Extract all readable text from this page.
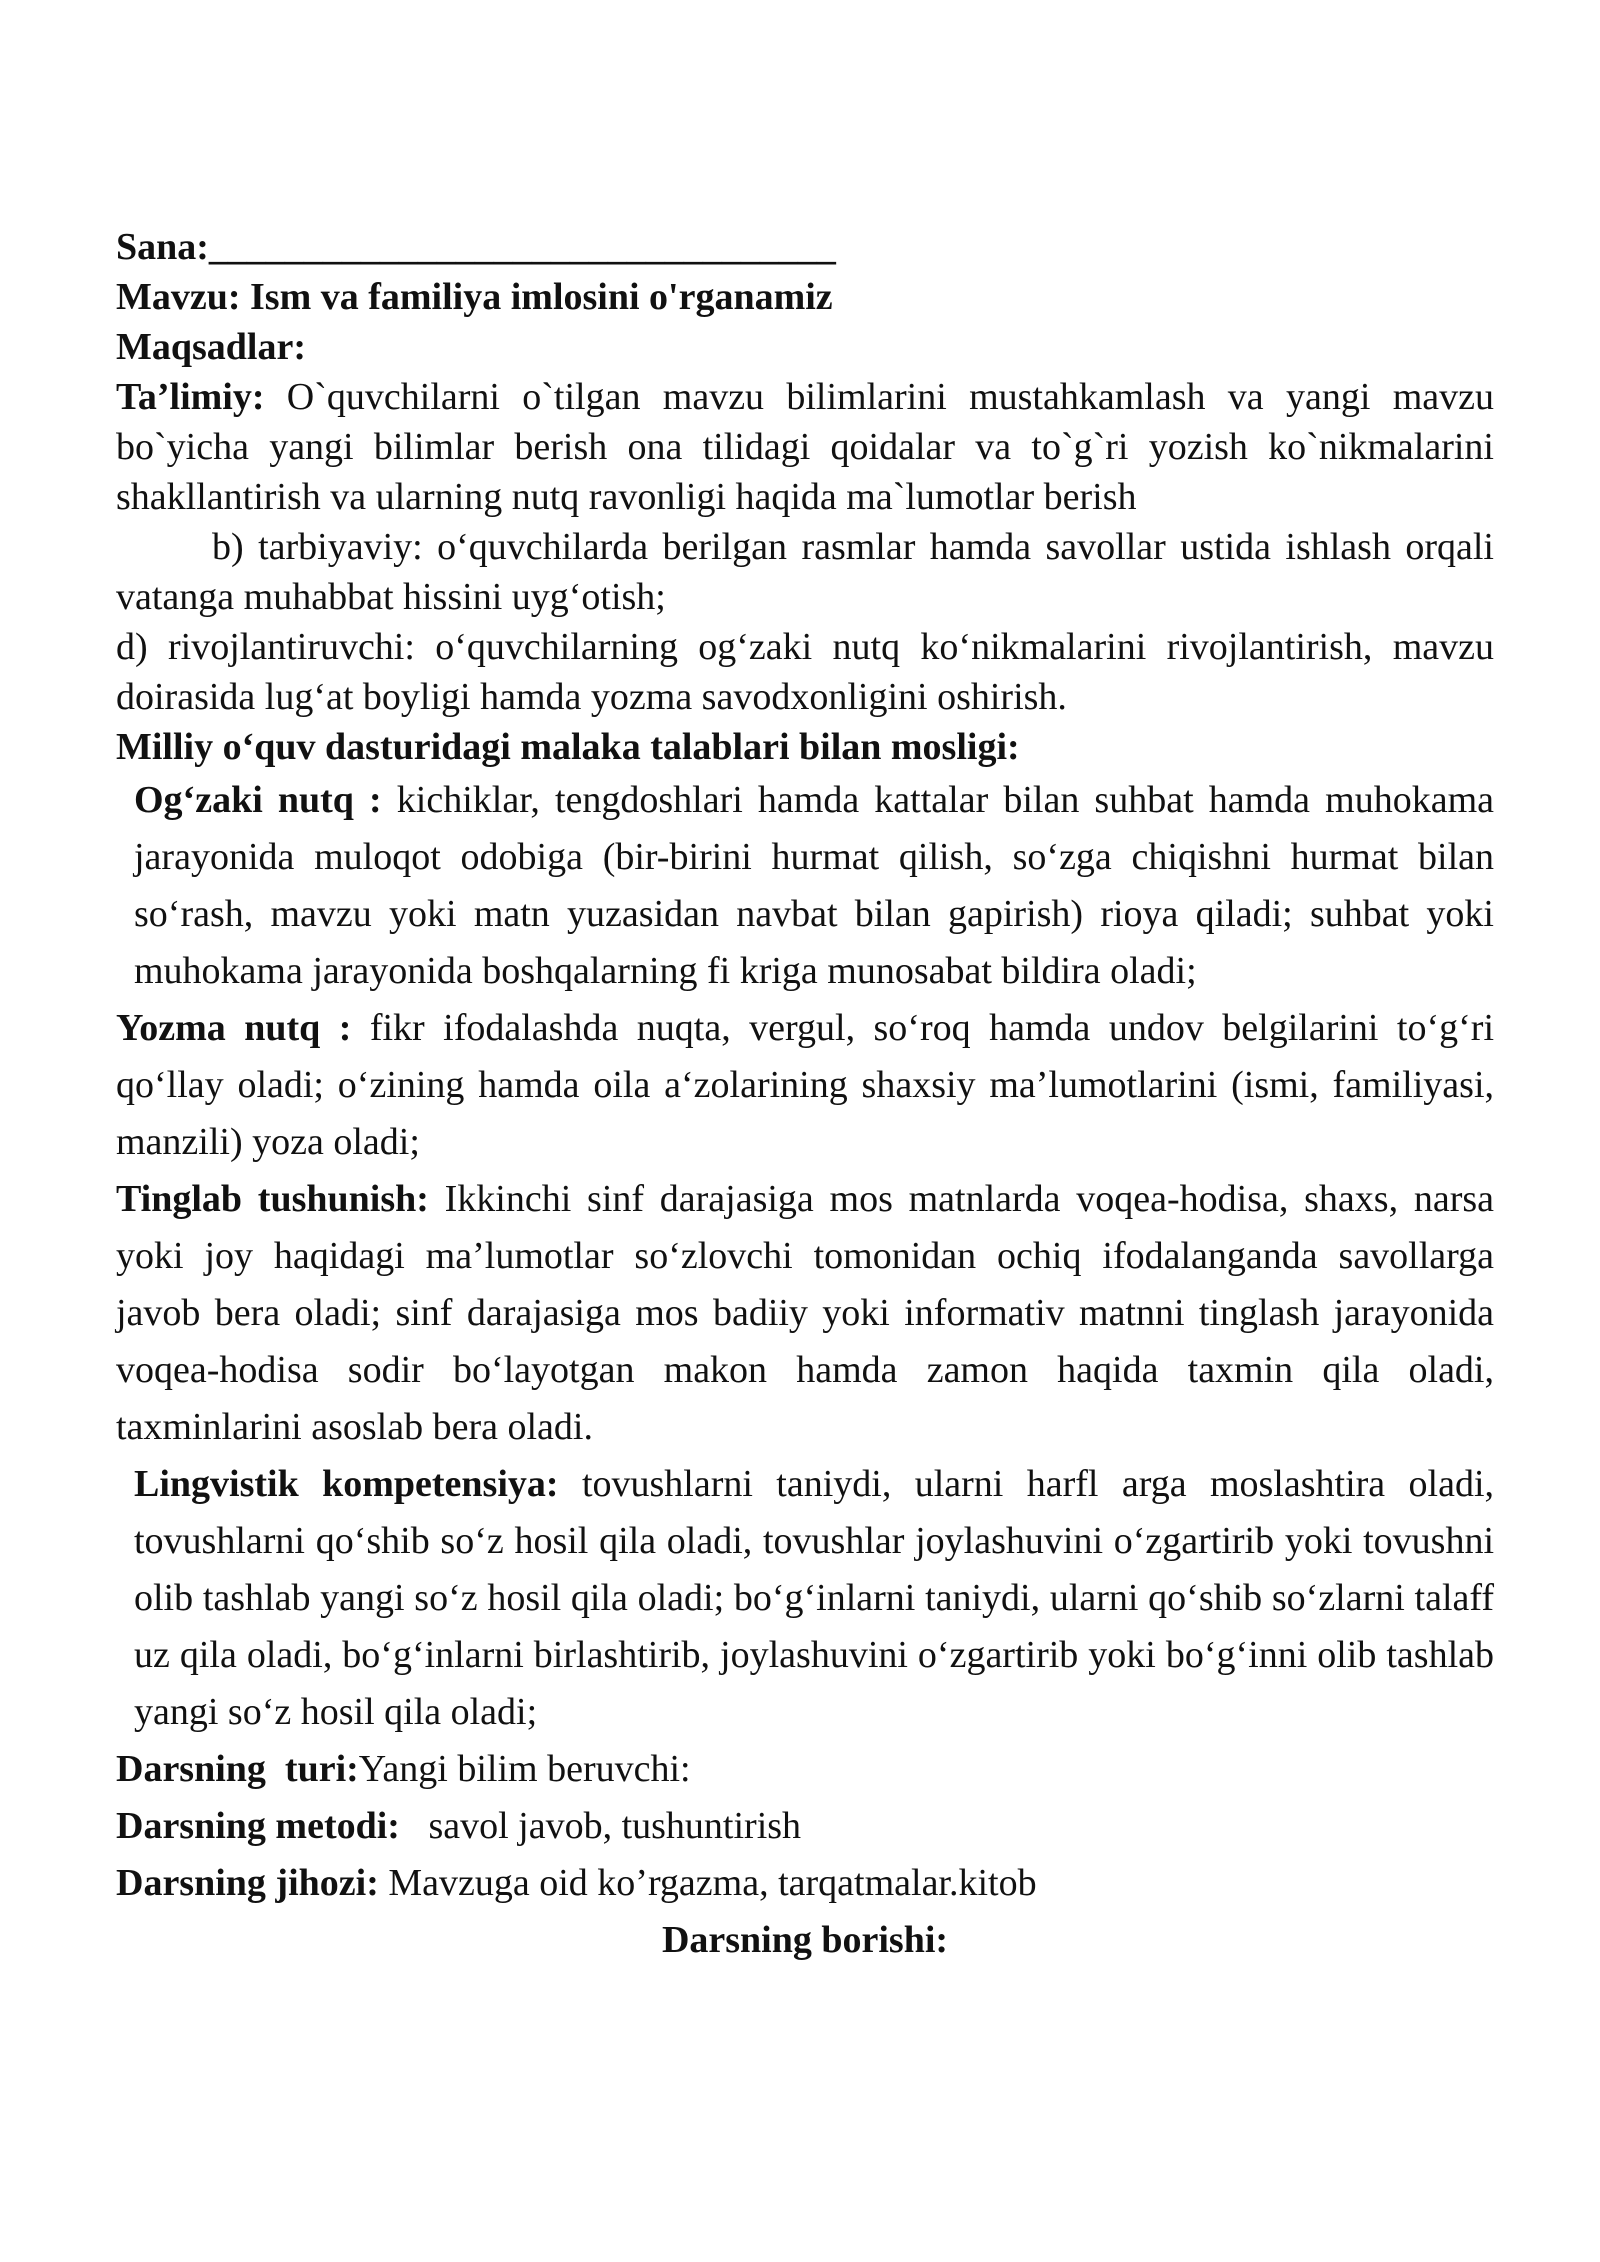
Sana:_________________________________

Mavzu: Ism va familiya imlosini o'rganamiz

Maqsadlar:

Ta’limiy: O`quvchilarni o`tilgan mavzu bilimlarini mustahkamlash va yangi mavzu bo`yicha yangi bilimlar berish ona tilidagi qoidalar va to`g`ri yozish ko`nikmalarini shakllantirish va ularning nutq ravonligi haqida ma`lumotlar berish

b) tarbiyaviy: o‘quvchilarda berilgan rasmlar hamda savollar ustida ishlash orqali vatanga muhabbat hissini uyg‘otish;

d) rivojlantiruvchi: o‘quvchilarning og‘zaki nutq ko‘nikmalarini rivojlantirish, mavzu doirasida lug‘at boyligi hamda yozma savodxonligini oshirish.

Milliy o‘quv dasturidagi malaka talablari bilan mosligi:

Og‘zaki nutq : kichiklar, tengdoshlari hamda kattalar bilan suhbat hamda muhokama jarayonida muloqot odobiga (bir-birini hurmat qilish, so‘zga chiqishni hurmat bilan so‘rash, mavzu yoki matn yuzasidan navbat bilan gapirish) rioya qiladi; suhbat yoki muhokama jarayonida boshqalarning fi kriga munosabat bildira oladi;

Yozma nutq : fikr ifodalashda nuqta, vergul, so‘roq hamda undov belgilarini to‘g‘ri qo‘llay oladi; o‘zining hamda oila a‘zolarining shaxsiy ma’lumotlarini (ismi, familiyasi, manzili) yoza oladi;

Tinglab tushunish: Ikkinchi sinf darajasiga mos matnlarda voqea-hodisa, shaxs, narsa yoki joy haqidagi ma’lumotlar so‘zlovchi tomonidan ochiq ifodalanganda savollarga javob bera oladi; sinf darajasiga mos badiiy yoki informativ matnni tinglash jarayonida voqea-hodisa sodir bo‘layotgan makon hamda zamon haqida taxmin qila oladi, taxminlarini asoslab bera oladi.

Lingvistik kompetensiya: tovushlarni taniydi, ularni harfl arga moslashtira oladi, tovushlarni qo‘shib so‘z hosil qila oladi, tovushlar joylashuvini o‘zgartirib yoki tovushni olib tashlab yangi so‘z hosil qila oladi; bo‘g‘inlarni taniydi, ularni qo‘shib so‘zlarni talaff uz qila oladi, bo‘g‘inlarni birlashtirib, joylashuvini o‘zgartirib yoki bo‘g‘inni olib tashlab yangi so‘z hosil qila oladi;

Darsning  turi:Yangi bilim beruvchi:

Darsning metodi:   savol javob, tushuntirish

Darsning jihozi: Mavzuga oid ko’rgazma, tarqatmalar.kitob

Darsning borishi:
